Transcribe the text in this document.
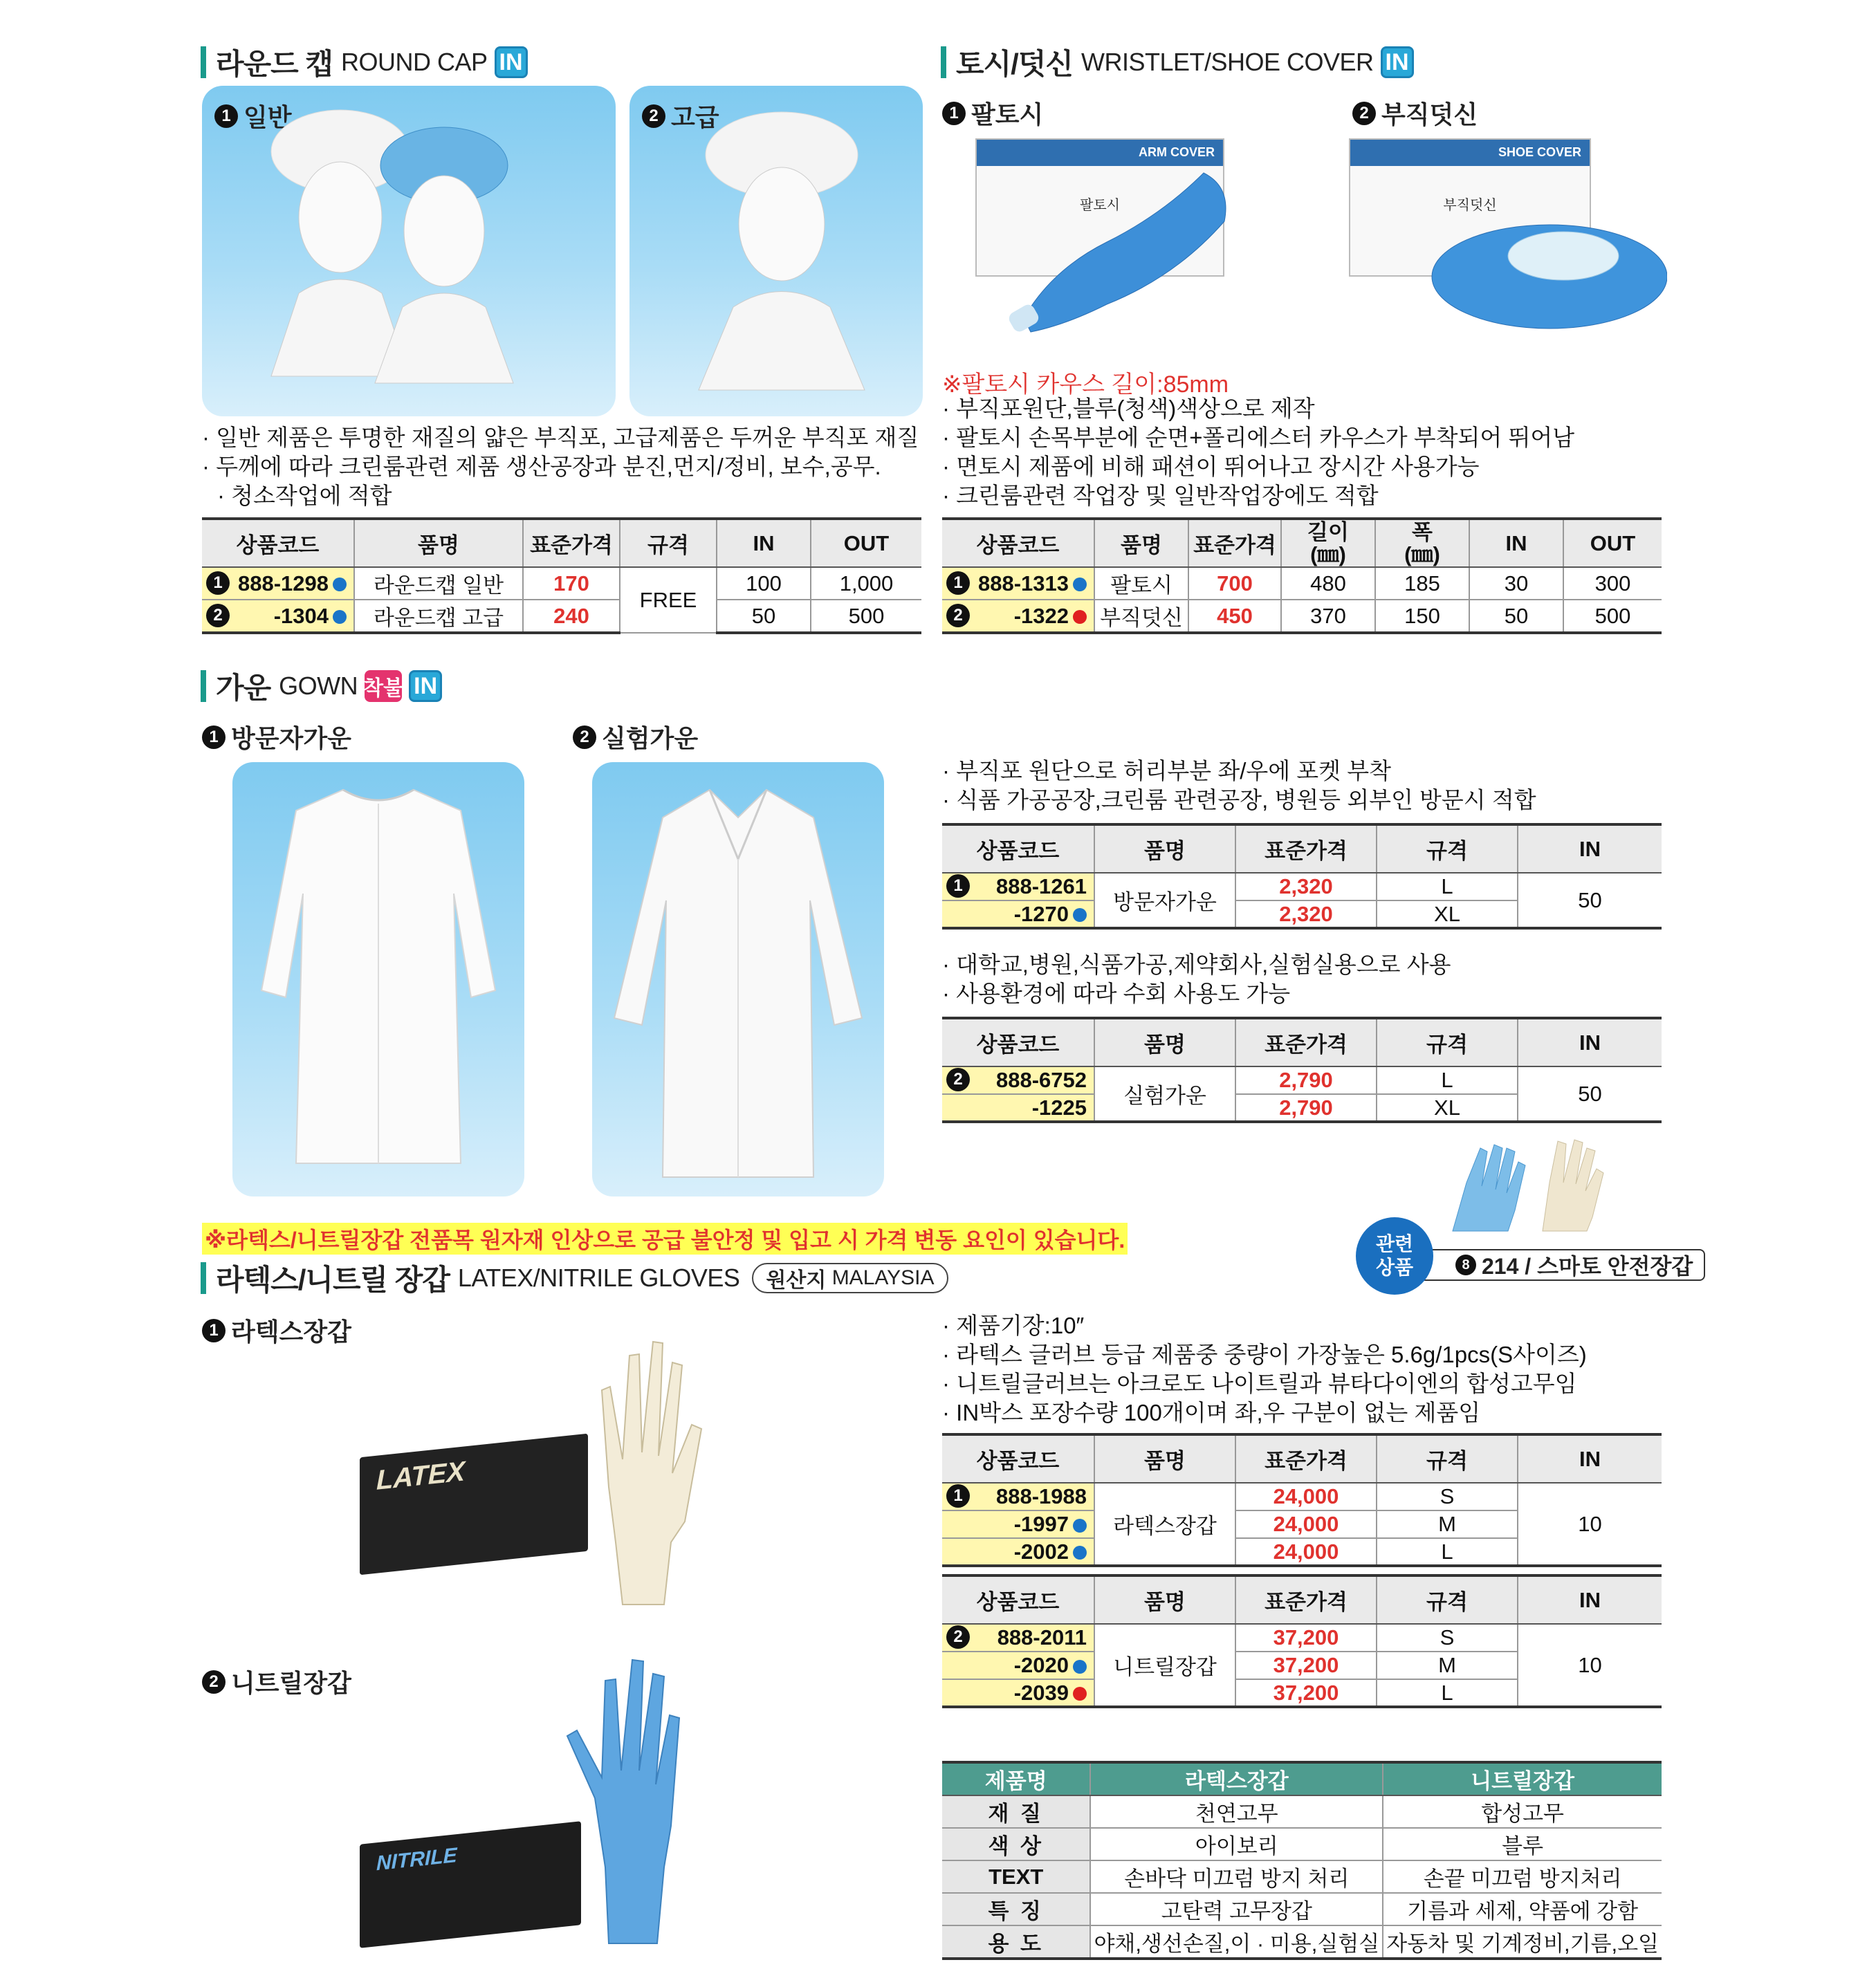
라운드 캡 ROUND CAP IN
1 일반	2 고급
· 일반 제품은 투명한 재질의 얇은 부직포, 고급제품은 두꺼운 부직포 재질
· 두께에 따라 크린룸관련 제품 생산공장과 분진,먼지/정비, 보수,공무.
· 청소작업에 적합
상품코드	품명	표준가격	규격	IN	OUT

1 888-1298	라운드캡 일반	170	FREE	100	1,000

2 -1304	라운드캡 고급	240		50	500
토시/덧신 WRISTLET/SHOE COVER IN
1 팔토시	2 부직덧신
ARM COVER
팔토시
SHOE COVER
부직덧신
※팔토시 카우스 길이:85mm
· 부직포원단,블루(청색)색상으로 제작
· 팔토시 손목부분에 순면+폴리에스터 카우스가 부착되어 뛰어남
· 면토시 제품에 비해 패션이 뛰어나고 장시간 사용가능
· 크린룸관련 작업장 및 일반작업장에도 적합
상품코드	품명	표준가격	길이
(㎜)	폭
(㎜)	IN	OUT

1 888-1313	팔토시	700	480	185	30	300

2 -1322	부직덧신	450	370	150	50	500
가운 GOWN 착불 IN
1 방문자가운	2 실험가운
· 부직포 원단으로 허리부분 좌/우에 포켓 부착
· 식품 가공공장,크린룸 관련공장, 병원등 외부인 방문시 적합
상품코드	품명	표준가격	규격	IN

1 888-1261	방문자가운	2,320	L	50
-1270		2,320	XL	
· 대학교,병원,식품가공,제약회사,실험실용으로 사용
· 사용환경에 따라 수회 사용도 가능
상품코드	품명	표준가격	규격	IN

2 888-6752	실험가운	2,790	L	50
-1225		2,790	XL	
※라텍스/니트릴장갑 전품목 원자재 인상으로 공급 불안정 및 입고 시 가격 변동 요인이 있습니다.
라텍스/니트릴 장갑 LATEX/NITRILE GLOVES 원산지
MALAYSIA
8 214 / 스마토 안전장갑
관련
상품
1 라텍스장갑
2 니트릴장갑
LATEX
NITRILE
· 제품기장:10″
· 라텍스 글러브 등급 제품중 중량이 가장높은 5.6g/1pcs(S사이즈)
· 니트릴글러브는 아크로도 나이트릴과 뷰타다이엔의 합성고무임
· IN박스 포장수량 100개이며 좌,우 구분이 없는 제품임
상품코드	품명	표준가격	규격	IN

1 888-1988	라텍스장갑	24,000	S	10
-1997		24,000	M	
-2002		24,000	L	
상품코드	품명	표준가격	규격	IN

2 888-2011	니트릴장갑	37,200	S	10
-2020		37,200	M	
-2039		37,200	L	
제품명	라텍스장갑	니트릴장갑
재 질	천연고무	합성고무
색 상	아이보리	블루
TEXT	손바닥 미끄럼 방지 처리	손끝 미끄럼 방지처리
특 징	고탄력 고무장갑	기름과 세제, 약품에 강함
용 도	야채,생선손질,이 · 미용,실험실	자동차 및 기계정비,기름,오일
